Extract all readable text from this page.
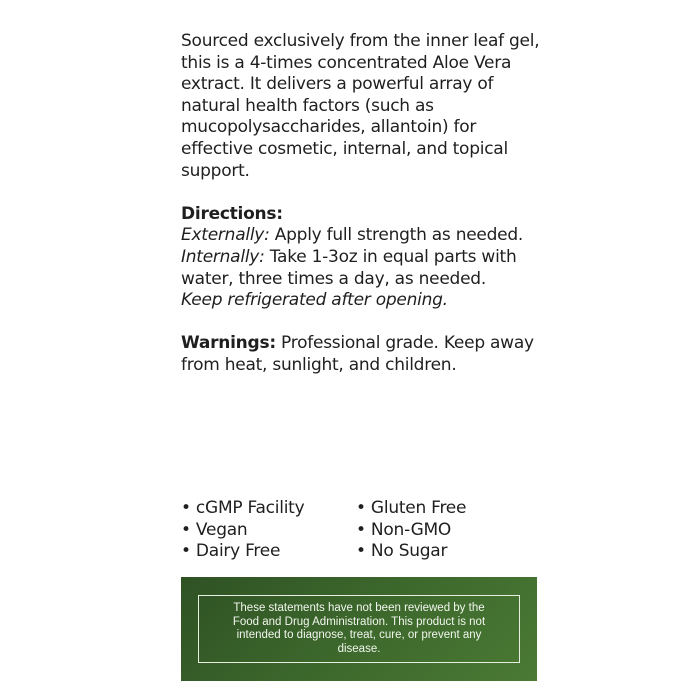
Sourced exclusively from the inner leaf gel, this is a 4-times concentrated Aloe Vera extract. It delivers a powerful array of natural health factors (such as mucopolysaccharides, allantoin) for effective cosmetic, internal, and topical support.

Directions:

Externally: Apply full strength as needed.

Internally: Take 1-3oz in equal parts with water, three times a day, as needed.

Keep refrigerated after opening.

Warnings: Professional grade. Keep away from heat, sunlight, and children.

• cGMP Facility
• Vegan
• Dairy Free
• Gluten Free
• Non-GMO
• No Sugar
These statements have not been reviewed by the Food and Drug Administration. This product is not intended to diagnose, treat, cure, or prevent any disease.
